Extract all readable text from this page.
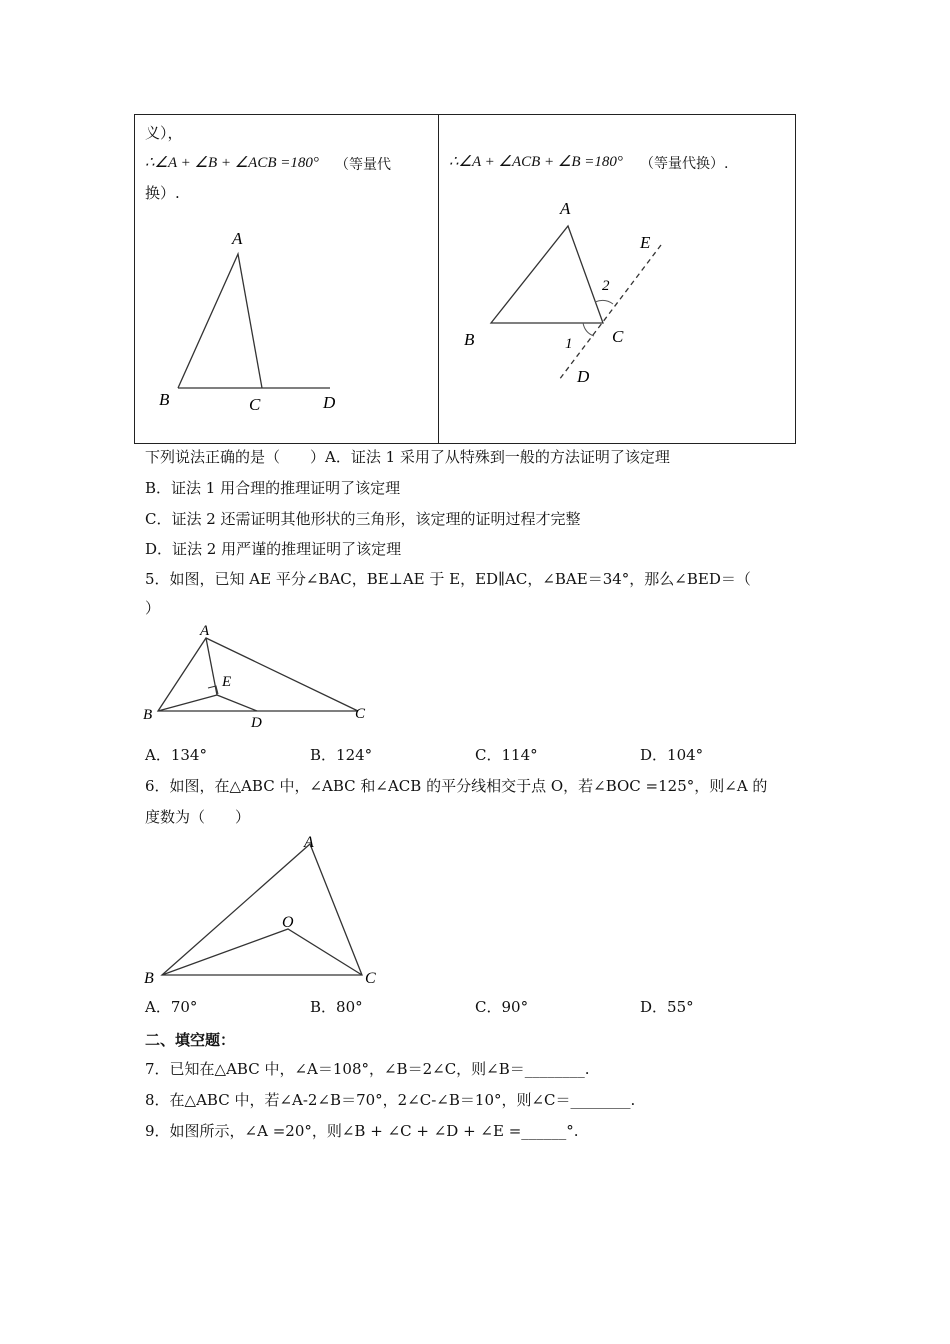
义），
∴∠A + ∠B + ∠ACB =180° （等量代
换）.
∴∠A + ∠ACB + ∠B =180° （等量代换）.
A
B	C	D
A
B	C
D
E
1
2
下列说法正确的是（　　）A．证法 1 采用了从特殊到一般的方法证明了该定理
B．证法 1 用合理的推理证明了该定理
C．证法 2 还需证明其他形状的三角形，该定理的证明过程才完整
D．证法 2 用严谨的推理证明了该定理
5．如图，已知 AE 平分∠BAC，BE⊥AE 于 E，ED∥AC，∠BAE＝34°，那么∠BED＝（
）
A
B	C
D
E
A．134°	B．124°	C．114°	D．104°
6．如图，在△ABC 中，∠ABC 和∠ACB 的平分线相交于点 O，若∠BOC =125°，则∠A 的
度数为（　　）
A
B	C
O
A．70°	B．80°	C．90°	D．55°
二、填空题：
7．已知在△ABC 中，∠A＝108°，∠B＝2∠C，则∠B＝________.
8．在△ABC 中，若∠A-2∠B＝70°，2∠C-∠B＝10°，则∠C＝________.
9．如图所示，∠A =20°，则∠B + ∠C + ∠D + ∠E =______°.
